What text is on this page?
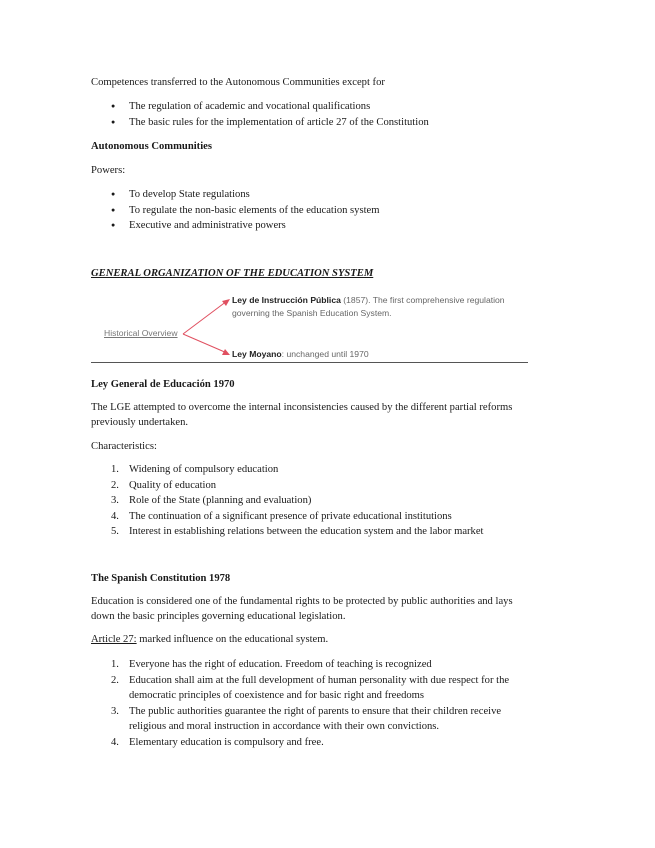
Competences transferred to the Autonomous Communities except for

● The regulation of academic and vocational qualifications
● The basic rules for the implementation of article 27 of the Constitution

Autonomous Communities

Powers:

● To develop State regulations
● To regulate the non-basic elements of the education system
● Executive and administrative powers

GENERAL ORGANIZATION OF THE EDUCATION SYSTEM

Historical Overview
Ley de Instrucción Pública (1857). The first comprehensive regulation
governing the Spanish Education System.
Ley Moyano: unchanged until 1970

Ley General de Educación 1970

The LGE attempted to overcome the internal inconsistencies caused by the different partial reforms

previously undertaken.

Characteristics:

1. Widening of compulsory education
2. Quality of education
3. Role of the State (planning and evaluation)
4. The continuation of a significant presence of private educational institutions
5. Interest in establishing relations between the education system and the labor market

The Spanish Constitution 1978

Education is considered one of the fundamental rights to be protected by public authorities and lays

down the basic principles governing educational legislation.

Article 27: marked influence on the educational system.

1. Everyone has the right of education. Freedom of teaching is recognized
2. Education shall aim at the full development of human personality with due respect for the
democratic principles of coexistence and for basic right and freedoms
3. The public authorities guarantee the right of parents to ensure that their children receive
religious and moral instruction in accordance with their own convictions.
4. Elementary education is compulsory and free.
